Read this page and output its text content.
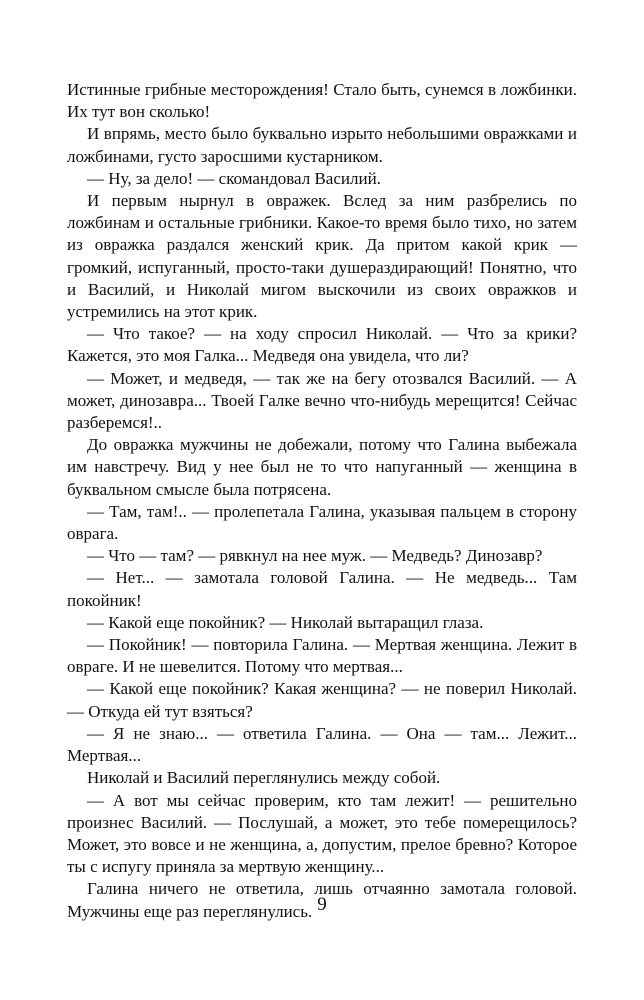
Истинные грибные месторождения! Стало быть, сунемся в ложбинки. Их тут вон сколько!

И впрямь, место было буквально изрыто небольшими овражками и ложбинами, густо заросшими кустарником.

— Ну, за дело! — скомандовал Василий.

И первым нырнул в овражек. Вслед за ним разбрелись по ложбинам и остальные грибники. Какое-то время было тихо, но затем из овражка раздался женский крик. Да притом какой крик — громкий, испуганный, просто-таки душераздирающий! Понятно, что и Василий, и Николай мигом выскочили из своих овражков и устремились на этот крик.

— Что такое? — на ходу спросил Николай. — Что за крики? Кажется, это моя Галка... Медведя она увидела, что ли?

— Может, и медведя, — так же на бегу отозвался Василий. — А может, динозавра... Твоей Галке вечно что-нибудь мерещится! Сейчас разберемся!..

До овражка мужчины не добежали, потому что Галина выбежала им навстречу. Вид у нее был не то что напуганный — женщина в буквальном смысле была потрясена.

— Там, там!.. — пролепетала Галина, указывая пальцем в сторону оврага.

— Что — там? — рявкнул на нее муж. — Медведь? Динозавр?

— Нет... — замотала головой Галина. — Не медведь... Там покойник!

— Какой еще покойник? — Николай вытаращил глаза.

— Покойник! — повторила Галина. — Мертвая женщина. Лежит в овраге. И не шевелится. Потому что мертвая...

— Какой еще покойник? Какая женщина? — не поверил Николай. — Откуда ей тут взяться?

— Я не знаю... — ответила Галина. — Она — там... Лежит... Мертвая...

Николай и Василий переглянулись между собой.

— А вот мы сейчас проверим, кто там лежит! — решительно произнес Василий. — Послушай, а может, это тебе померещилось? Может, это вовсе и не женщина, а, допустим, прелое бревно? Которое ты с испугу приняла за мертвую женщину...

Галина ничего не ответила, лишь отчаянно замотала головой. Мужчины еще раз переглянулись. 9
